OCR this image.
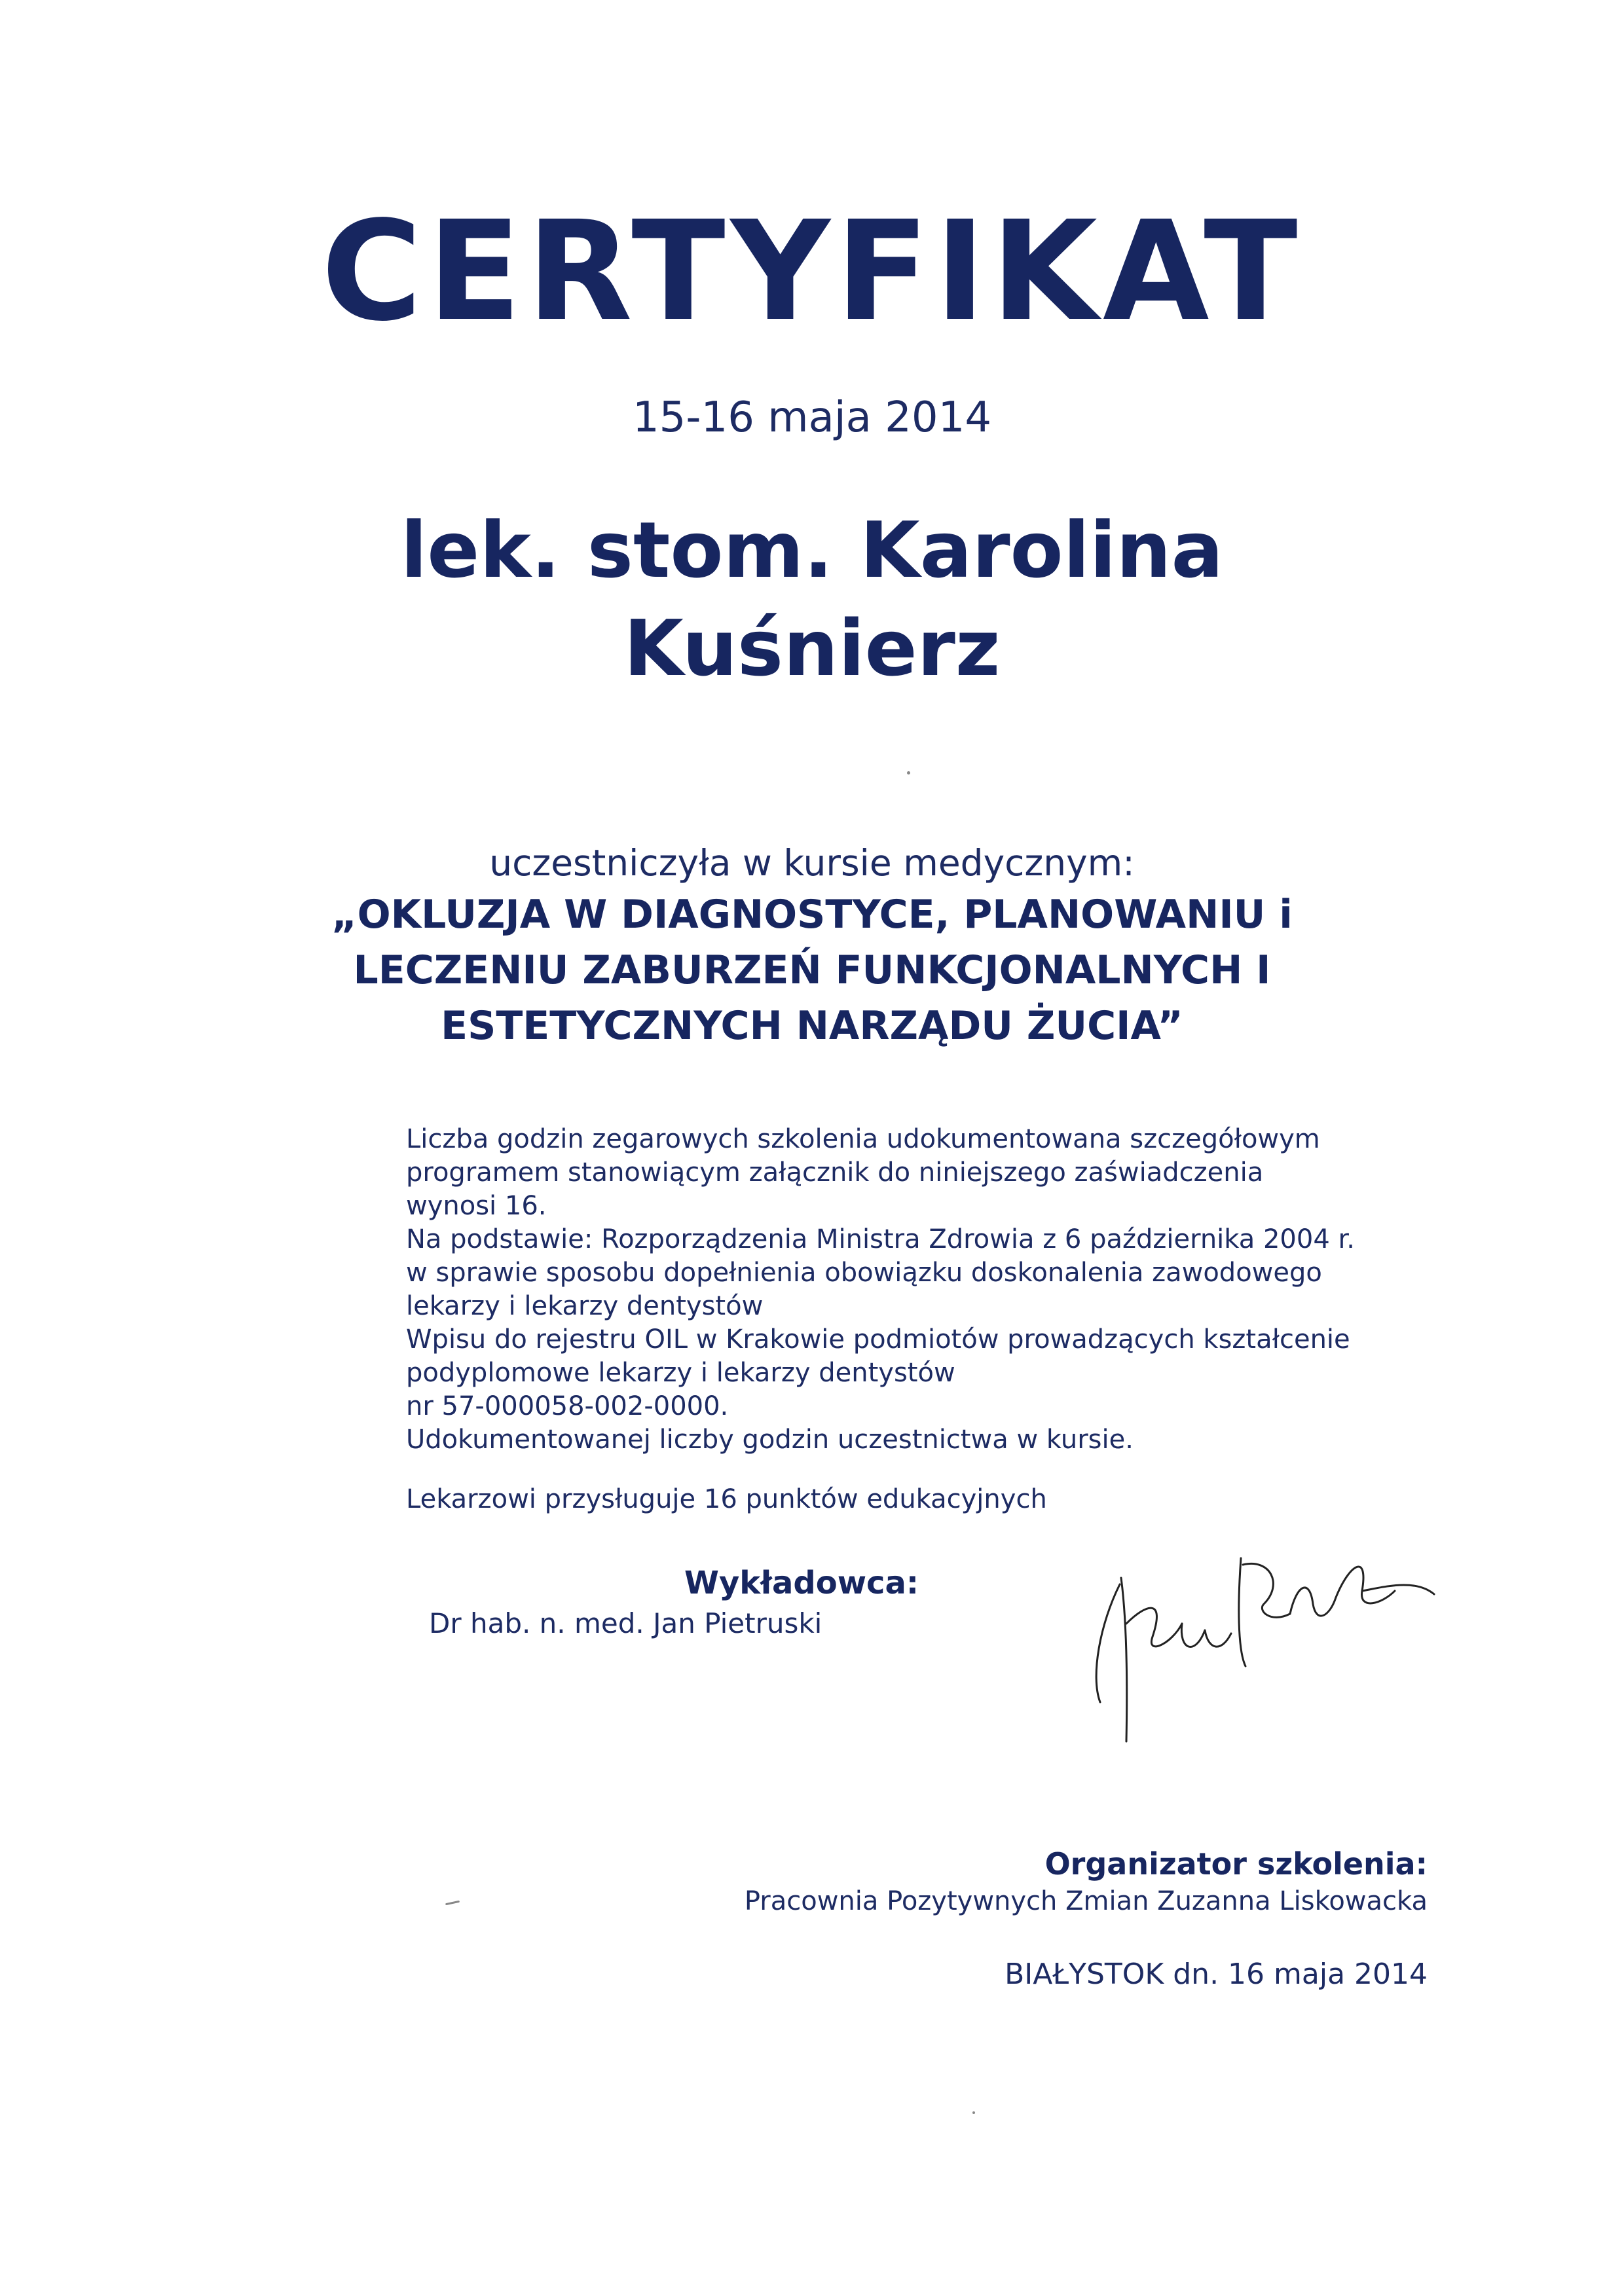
CERTYFIKAT
15-16 maja 2014
lek. stom. Karolina
Kuśnierz
uczestniczyła w kursie medycznym:
„OKLUZJA W DIAGNOSTYCE, PLANOWANIU i
LECZENIU ZABURZEŃ FUNKCJONALNYCH I
ESTETYCZNYCH NARZĄDU ŻUCIA”
Liczba godzin zegarowych szkolenia udokumentowana szczegółowym
programem stanowiącym załącznik do niniejszego zaświadczenia
wynosi 16.
Na podstawie: Rozporządzenia Ministra Zdrowia z 6 października 2004 r.
w sprawie sposobu dopełnienia obowiązku doskonalenia zawodowego
lekarzy i lekarzy dentystów
Wpisu do rejestru OIL w Krakowie podmiotów prowadzących kształcenie
podyplomowe lekarzy i lekarzy dentystów
nr 57-000058-002-0000.
Udokumentowanej liczby godzin uczestnictwa w kursie.
Lekarzowi przysługuje 16 punktów edukacyjnych
Wykładowca:
Dr hab. n. med. Jan Pietruski
Organizator szkolenia:
Pracownia Pozytywnych Zmian Zuzanna Liskowacka
BIAŁYSTOK dn. 16 maja 2014
